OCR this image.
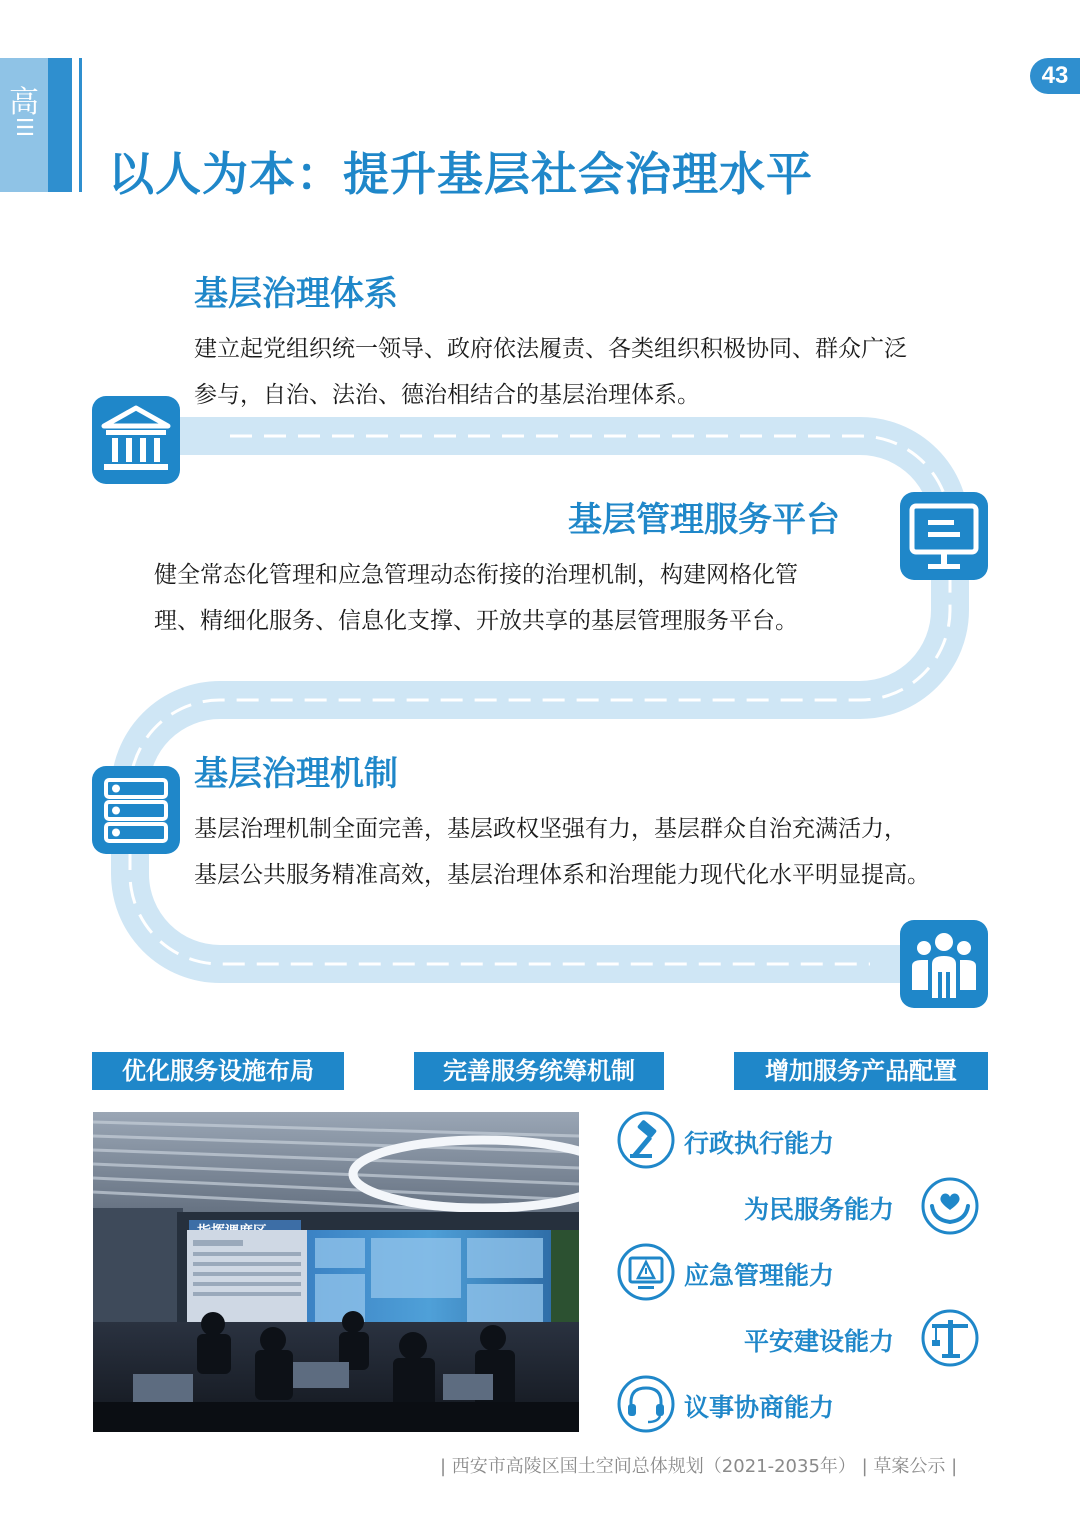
高
☰
43
以人为本：提升基层社会治理水平
基层治理体系
建立起党组织统一领导、政府依法履责、各类组织积极协同、群众广泛
参与，自治、法治、德治相结合的基层治理体系。
基层管理服务平台
健全常态化管理和应急管理动态衔接的治理机制，构建网格化管
理、精细化服务、信息化支撑、开放共享的基层管理服务平台。
基层治理机制
基层治理机制全面完善，基层政权坚强有力，基层群众自治充满活力，
基层公共服务精准高效，基层治理体系和治理能力现代化水平明显提高。
优化服务设施布局	完善服务统筹机制	增加服务产品配置
行政执行能力
为民服务能力
应急管理能力
平安建设能力
议事协商能力
| 西安市高陵区国土空间总体规划（2021-2035年） | 草案公示 |
